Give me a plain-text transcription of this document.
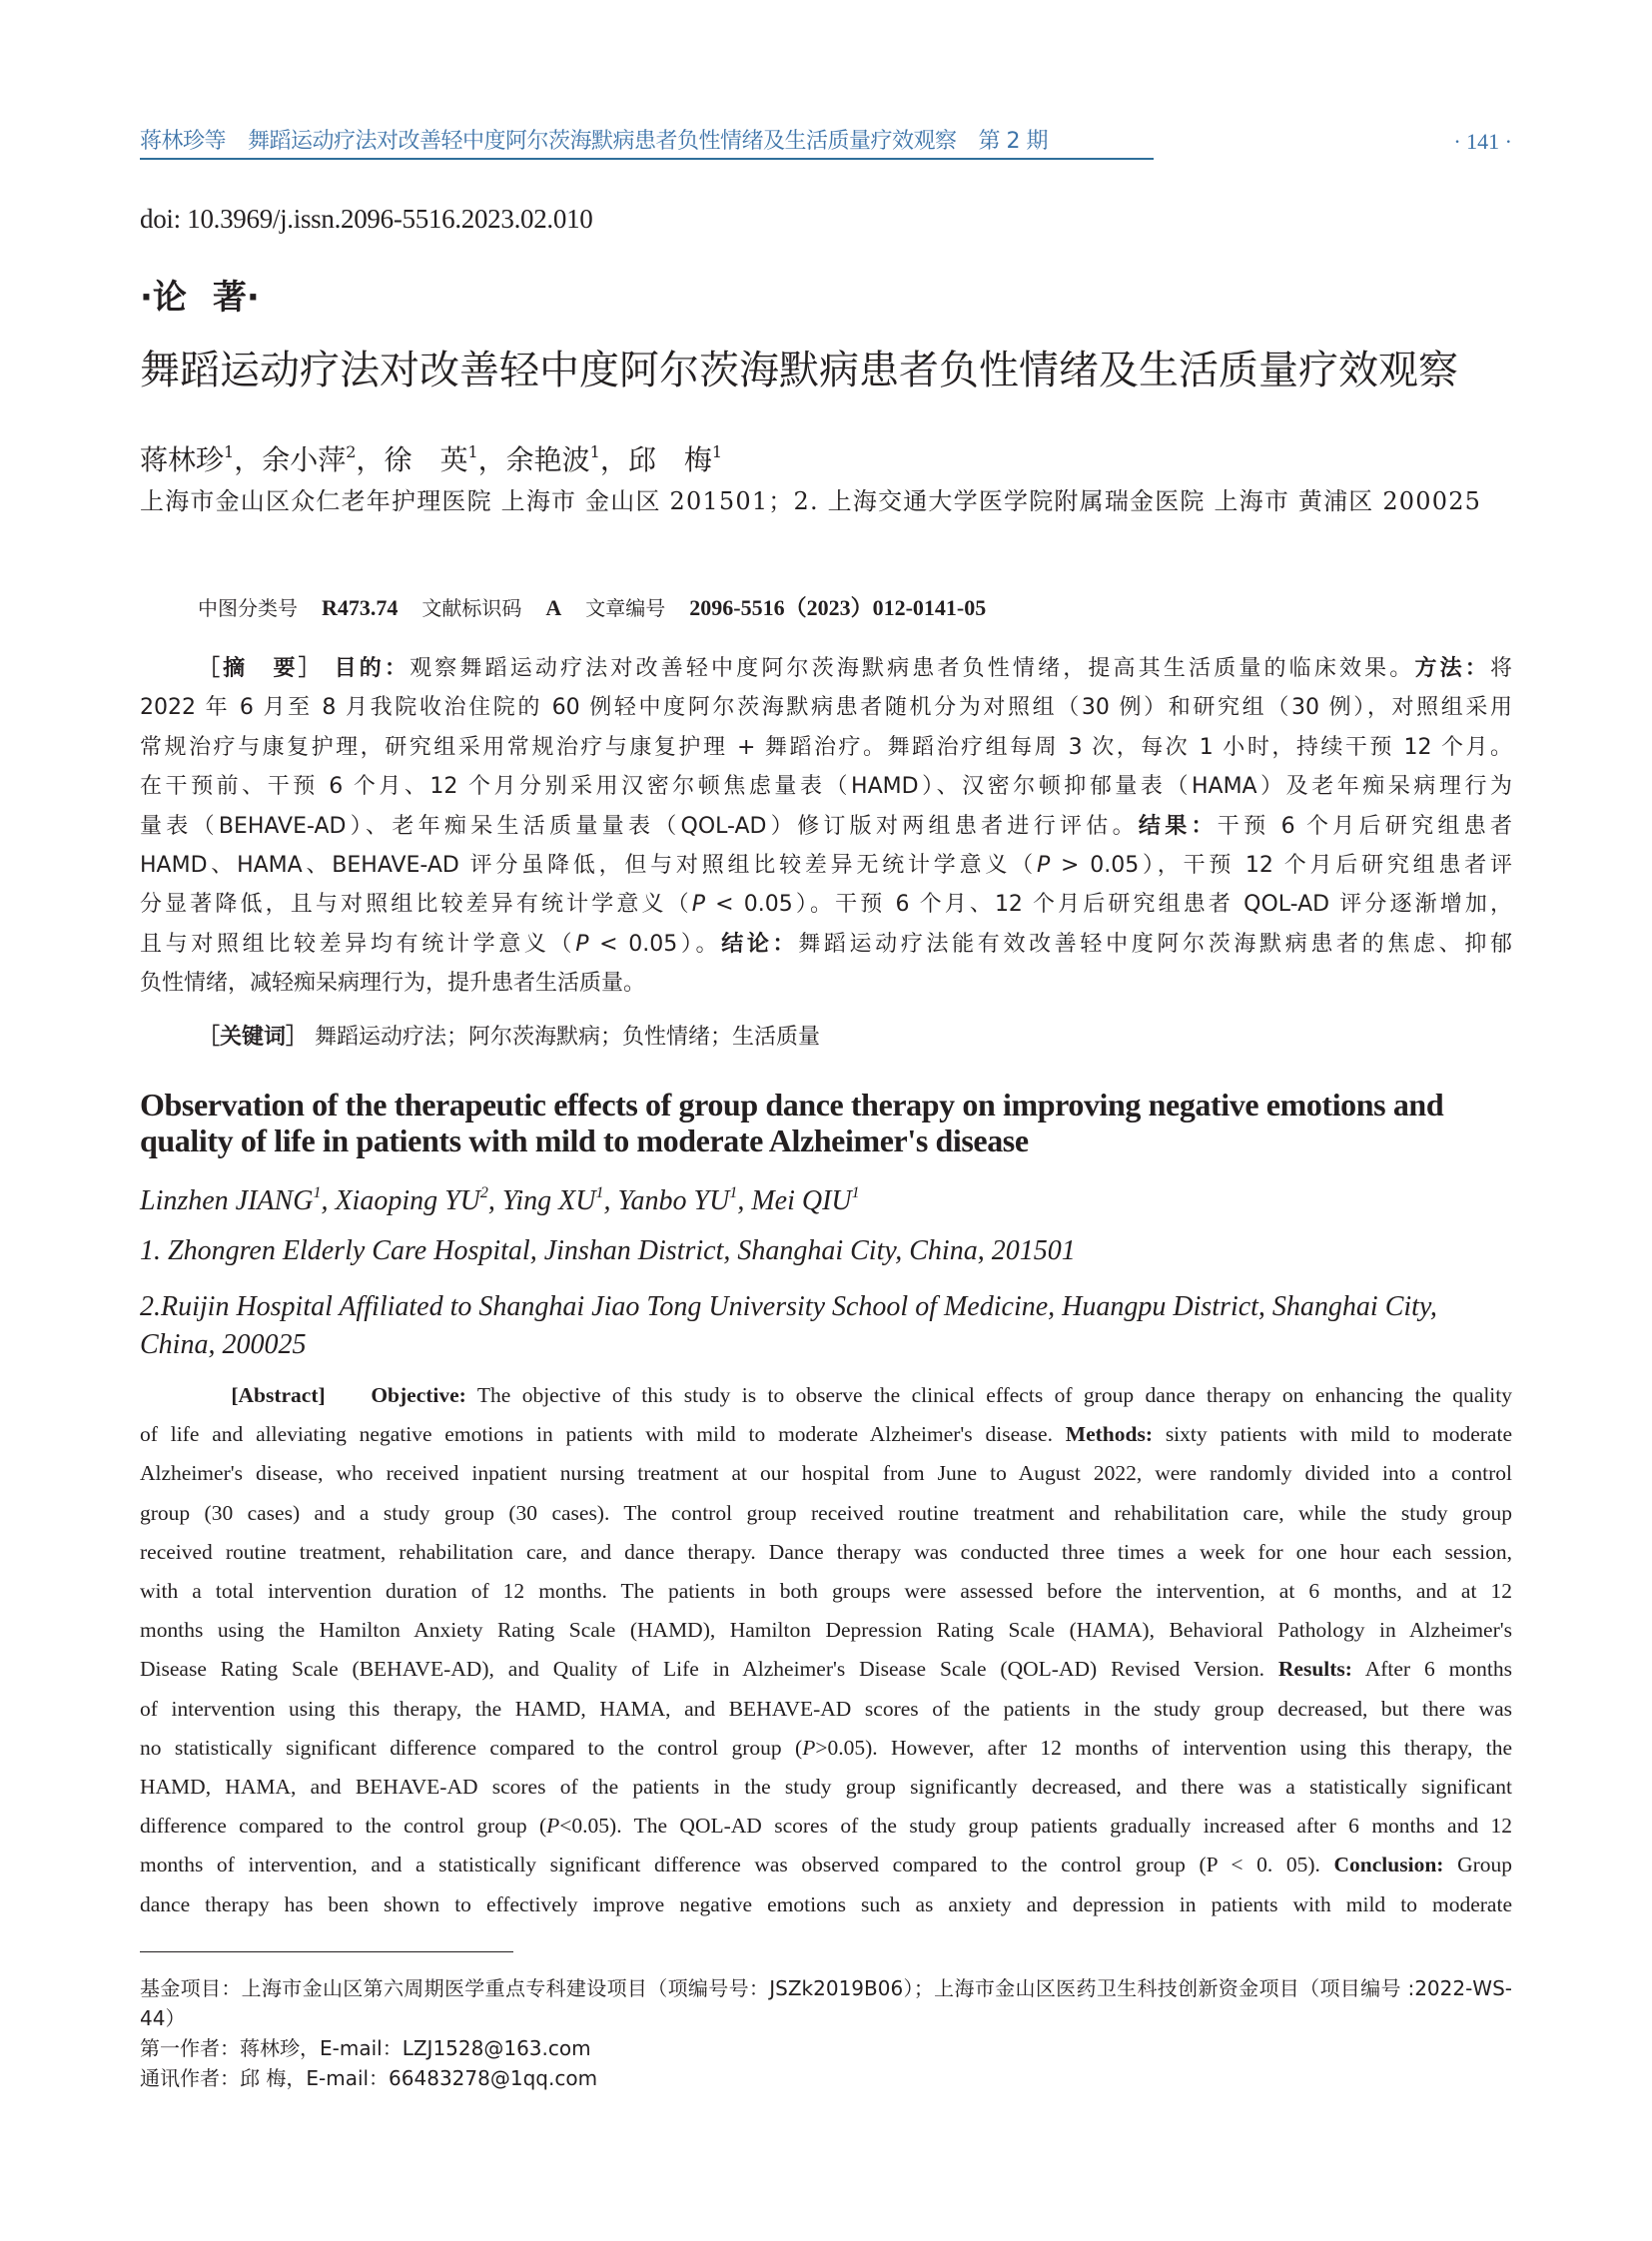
蒋林珍等 舞蹈运动疗法对改善轻中度阿尔茨海默病患者负性情绪及生活质量疗效观察 第 2 期	· 141 ·
doi: 10.3969/j.issn.2096-5516.2023.02.010
·论 著·
舞蹈运动疗法对改善轻中度阿尔茨海默病患者负性情绪及生活质量疗效观察
蒋林珍$^1$，余小萍$^2$，徐　英$^1$，余艳波$^1$，邱　梅$^1$
上海市金山区众仁老年护理医院 上海市 金山区 201501；2. 上海交通大学医学院附属瑞金医院 上海市 黄浦区 200025
中图分类号 R473.74 文献标识码 A 文章编号 2096-5516（2023）012-0141-05
［摘　要］ 目的：观察舞蹈运动疗法对改善轻中度阿尔茨海默病患者负性情绪，提高其生活质量的临床效果。方法：将
2022 年 6 月至 8 月我院收治住院的 60 例轻中度阿尔茨海默病患者随机分为对照组（30 例）和研究组（30 例），对照组采用
常规治疗与康复护理，研究组采用常规治疗与康复护理 + 舞蹈治疗。舞蹈治疗组每周 3 次，每次 1 小时，持续干预 12 个月。
在干预前、干预 6 个月、12 个月分别采用汉密尔顿焦虑量表（HAMD）、汉密尔顿抑郁量表（HAMA）及老年痴呆病理行为
量表（BEHAVE-AD）、老年痴呆生活质量量表（QOL-AD）修订版对两组患者进行评估。结果：干预 6 个月后研究组患者
HAMD、HAMA、BEHAVE-AD 评分虽降低，但与对照组比较差异无统计学意义（P > 0.05），干预 12 个月后研究组患者评
分显著降低，且与对照组比较差异有统计学意义（P < 0.05）。干预 6 个月、12 个月后研究组患者 QOL-AD 评分逐渐增加，
且与对照组比较差异均有统计学意义（P < 0.05）。结论：舞蹈运动疗法能有效改善轻中度阿尔茨海默病患者的焦虑、抑郁
负性情绪，减轻痴呆病理行为，提升患者生活质量。
［关键词］ 舞蹈运动疗法；阿尔茨海默病；负性情绪；生活质量
Observation of the therapeutic effects of group dance therapy on improving negative emotions and quality of life in patients with mild to moderate Alzheimer's disease
Linzhen JIANG$^1$, Xiaoping $YU^2$, Ying $XU^1$, Yanbo $YU^1$, Mei QIU$^1$
1. Zhongren Elderly Care Hospital, Jinshan District, Shanghai City, China, 201501
2.Ruijin Hospital Affiliated to Shanghai Jiao Tong University School of Medicine, Huangpu District, Shanghai City, China, 200025
[Abstract] Objective: The objective of this study is to observe the clinical effects of group dance therapy on enhancing the quality
of life and alleviating negative emotions in patients with mild to moderate Alzheimer's disease. Methods: sixty patients with mild to moderate
Alzheimer's disease, who received inpatient nursing treatment at our hospital from June to August 2022, were randomly divided into a control
group (30 cases) and a study group (30 cases). The control group received routine treatment and rehabilitation care, while the study group
received routine treatment, rehabilitation care, and dance therapy. Dance therapy was conducted three times a week for one hour each session,
with a total intervention duration of 12 months. The patients in both groups were assessed before the intervention, at 6 months, and at 12
months using the Hamilton Anxiety Rating Scale (HAMD), Hamilton Depression Rating Scale (HAMA), Behavioral Pathology in Alzheimer's
Disease Rating Scale (BEHAVE-AD), and Quality of Life in Alzheimer's Disease Scale (QOL-AD) Revised Version. Results: After 6 months
of intervention using this therapy, the HAMD, HAMA, and BEHAVE-AD scores of the patients in the study group decreased, but there was
no statistically significant difference compared to the control group (P>0.05). However, after 12 months of intervention using this therapy, the
HAMD, HAMA, and BEHAVE-AD scores of the patients in the study group significantly decreased, and there was a statistically significant
difference compared to the control group (P<0.05). The QOL-AD scores of the study group patients gradually increased after 6 months and 12
months of intervention, and a statistically significant difference was observed compared to the control group (P < 0. 05). Conclusion: Group
dance therapy has been shown to effectively improve negative emotions such as anxiety and depression in patients with mild to moderate
基金项目：上海市金山区第六周期医学重点专科建设项目（项编号号：JSZk2019B06）；上海市金山区医药卫生科技创新资金项目（项目编号 :2022-WS-44）
第一作者：蒋林珍，E-mail：LZJ1528@163.com
通讯作者：邱 梅，E-mail：66483278@1qq.com
